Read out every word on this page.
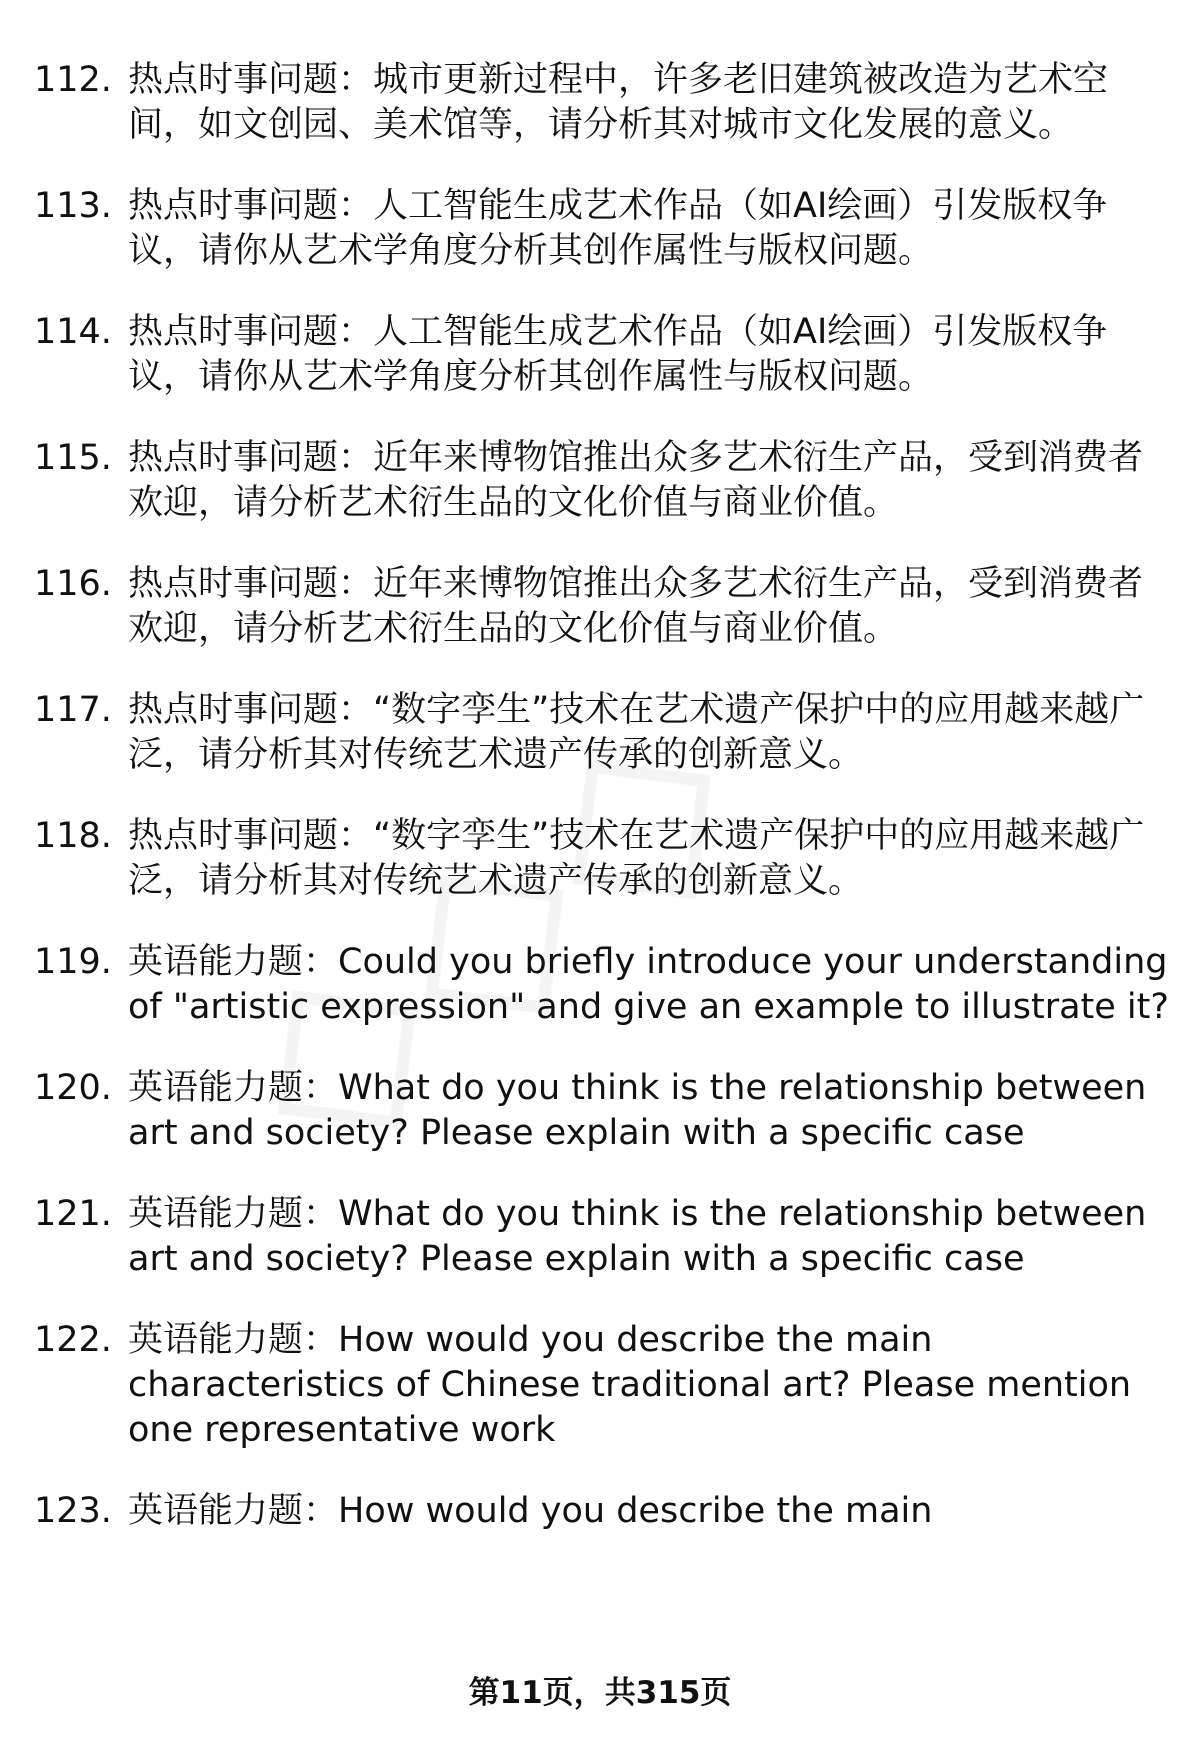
112. 热点时事问题：城市更新过程中，许多老旧建筑被改造为艺术空间，如文创园、美术馆等，请分析其对城市文化发展的意义。
113. 热点时事问题：人工智能生成艺术作品（如AI绘画）引发版权争议，请你从艺术学角度分析其创作属性与版权问题。
114. 热点时事问题：人工智能生成艺术作品（如AI绘画）引发版权争议，请你从艺术学角度分析其创作属性与版权问题。
115. 热点时事问题：近年来博物馆推出众多艺术衍生产品，受到消费者欢迎，请分析艺术衍生品的文化价值与商业价值。
116. 热点时事问题：近年来博物馆推出众多艺术衍生产品，受到消费者欢迎，请分析艺术衍生品的文化价值与商业价值。
117. 热点时事问题：“数字孪生”技术在艺术遗产保护中的应用越来越广泛，请分析其对传统艺术遗产传承的创新意义。
118. 热点时事问题：“数字孪生”技术在艺术遗产保护中的应用越来越广泛，请分析其对传统艺术遗产传承的创新意义。
119. 英语能力题：Could you briefly introduce your understanding of "artistic expression" and give an example to illustrate it?
120. 英语能力题：What do you think is the relationship between art and society? Please explain with a specific case
121. 英语能力题：What do you think is the relationship between art and society? Please explain with a specific case
122. 英语能力题：How would you describe the main characteristics of Chinese traditional art? Please mention one representative work
123. 英语能力题：How would you describe the main
第11页，共315页
